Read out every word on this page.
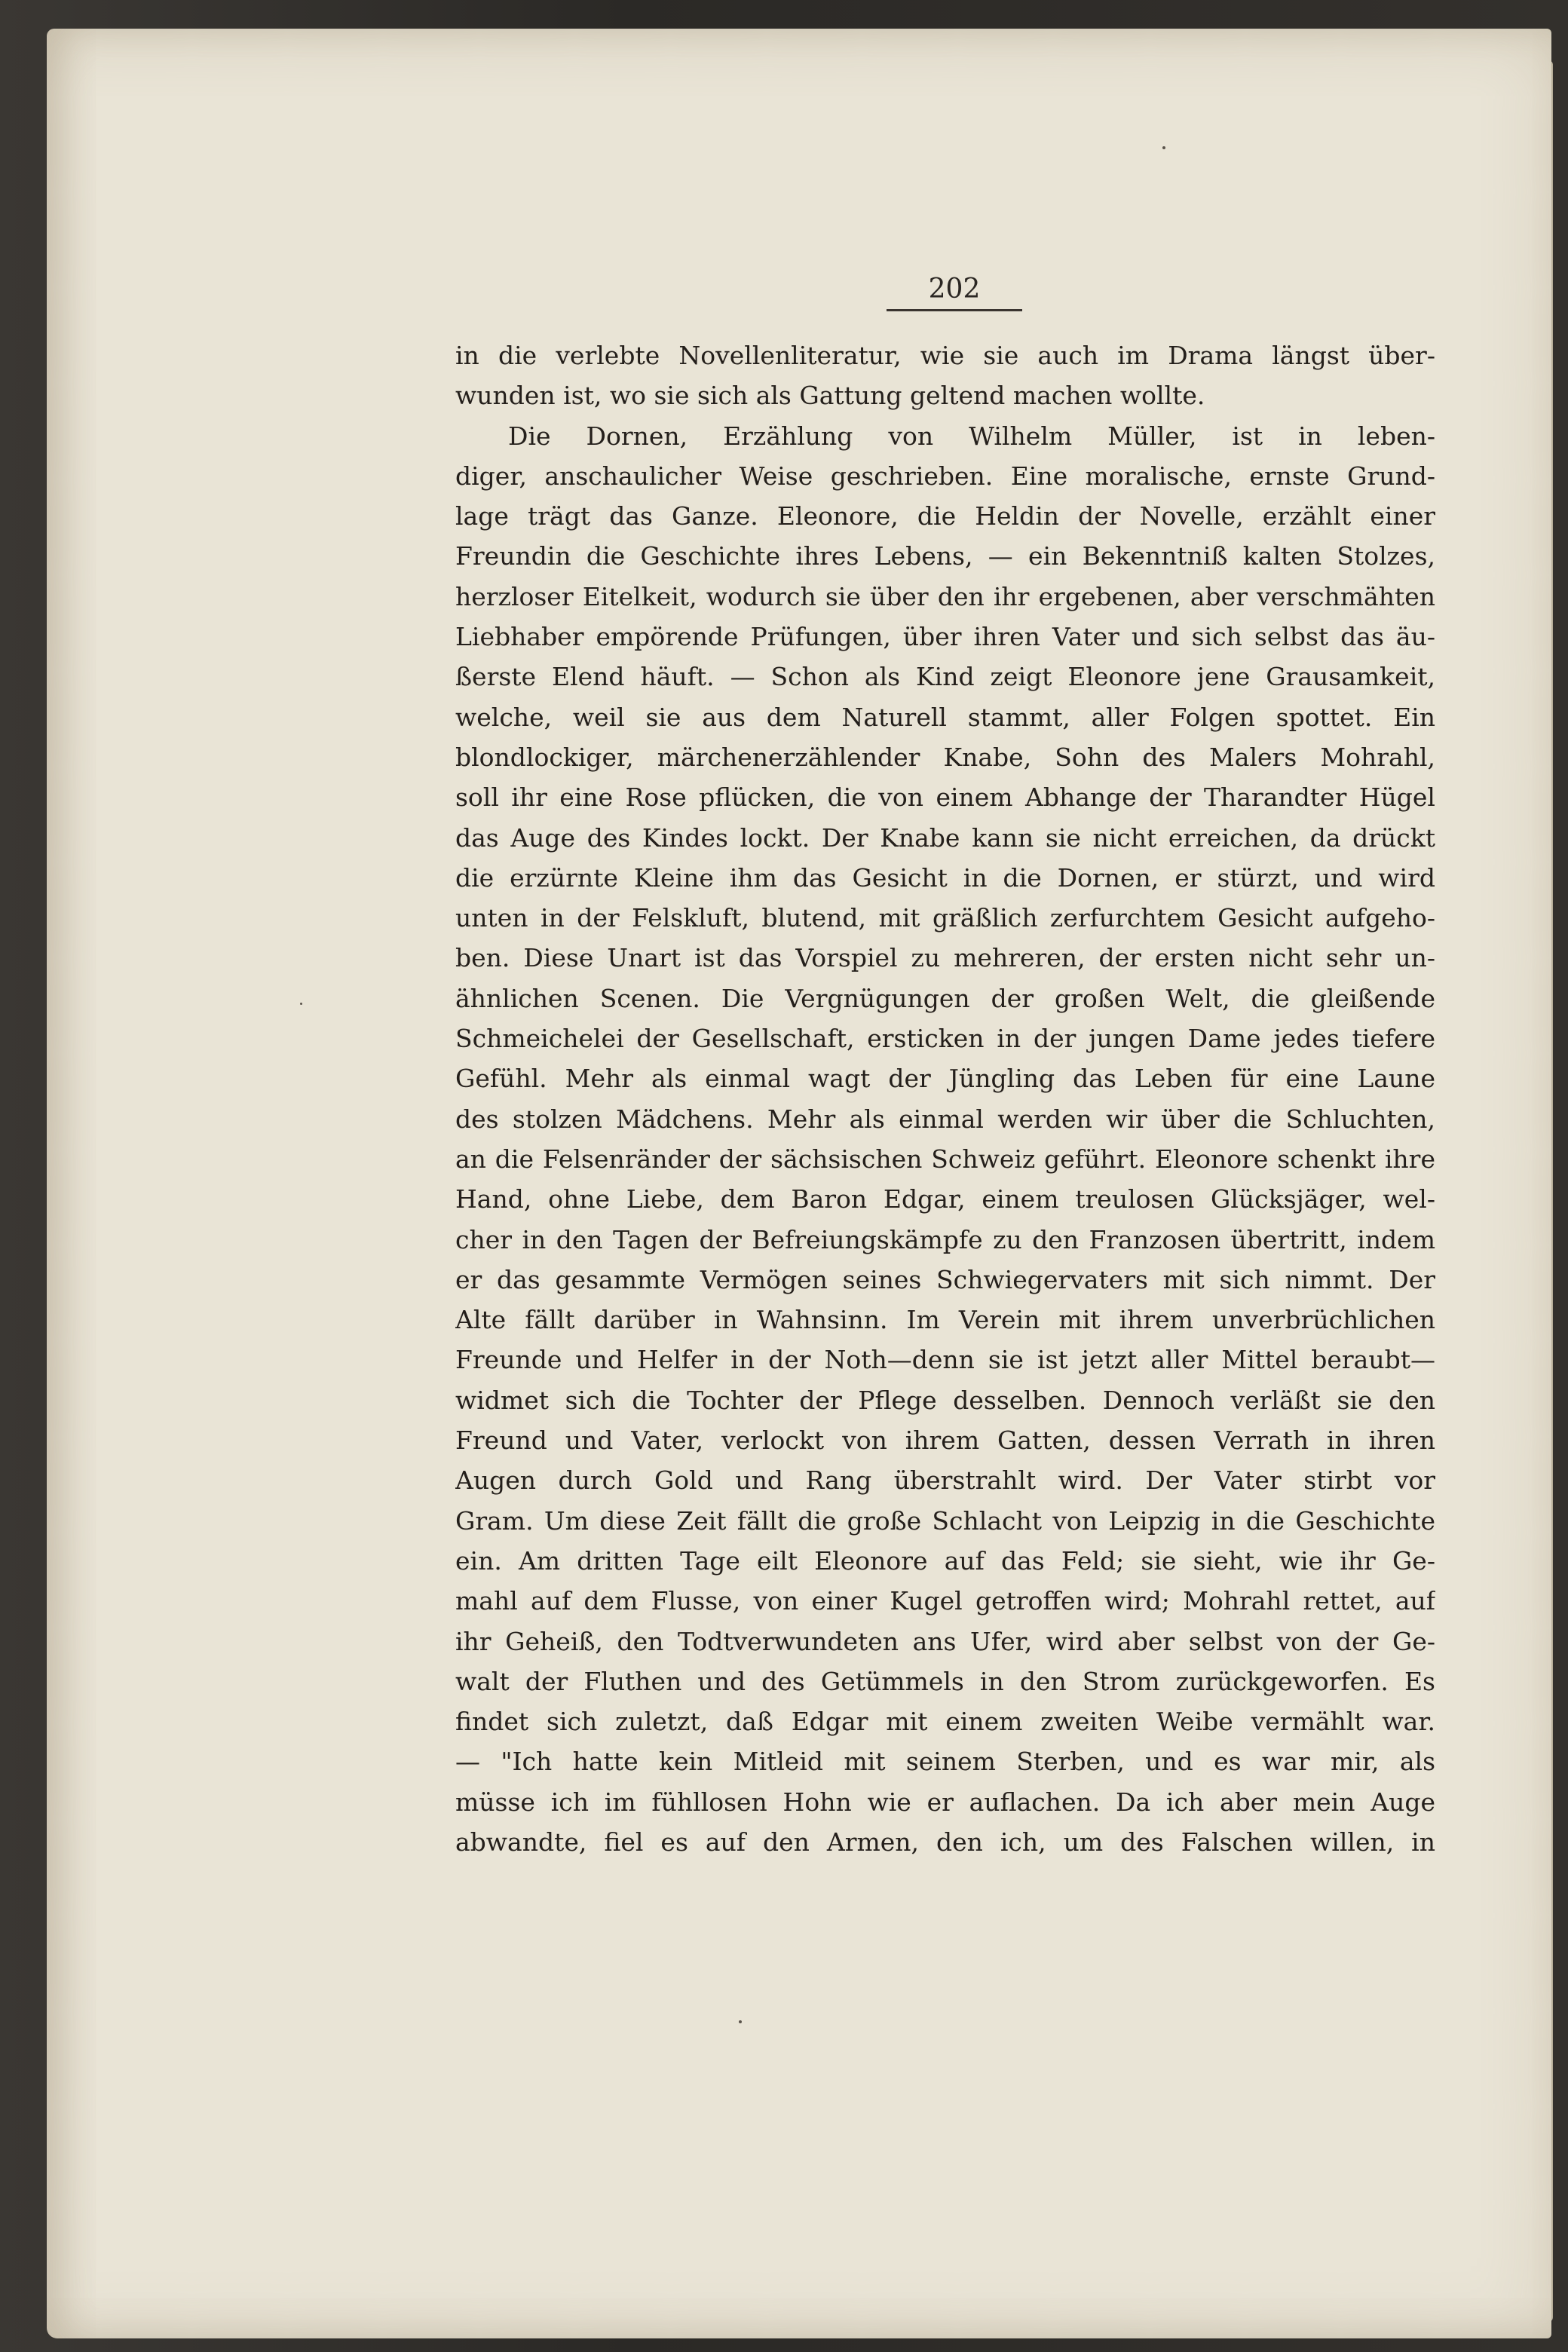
202
in die verlebte Novellenliteratur, wie sie auch im Drama längst über-
wunden ist, wo sie sich als Gattung geltend machen wollte.
Die Dornen, Erzählung von Wilhelm Müller, ist in leben-
diger, anschaulicher Weise geschrieben. Eine moralische, ernste Grund-
lage trägt das Ganze. Eleonore, die Heldin der Novelle, erzählt einer
Freundin die Geschichte ihres Lebens, — ein Bekenntniß kalten Stolzes,
herzloser Eitelkeit, wodurch sie über den ihr ergebenen, aber verschmähten
Liebhaber empörende Prüfungen, über ihren Vater und sich selbst das äu-
ßerste Elend häuft. — Schon als Kind zeigt Eleonore jene Grausamkeit,
welche, weil sie aus dem Naturell stammt, aller Folgen spottet. Ein
blondlockiger, märchenerzählender Knabe, Sohn des Malers Mohrahl,
soll ihr eine Rose pflücken, die von einem Abhange der Tharandter Hügel
das Auge des Kindes lockt. Der Knabe kann sie nicht erreichen, da drückt
die erzürnte Kleine ihm das Gesicht in die Dornen, er stürzt, und wird
unten in der Felskluft, blutend, mit gräßlich zerfurchtem Gesicht aufgeho-
ben. Diese Unart ist das Vorspiel zu mehreren, der ersten nicht sehr un-
ähnlichen Scenen. Die Vergnügungen der großen Welt, die gleißende
Schmeichelei der Gesellschaft, ersticken in der jungen Dame jedes tiefere
Gefühl. Mehr als einmal wagt der Jüngling das Leben für eine Laune
des stolzen Mädchens. Mehr als einmal werden wir über die Schluchten,
an die Felsenränder der sächsischen Schweiz geführt. Eleonore schenkt ihre
Hand, ohne Liebe, dem Baron Edgar, einem treulosen Glücksjäger, wel-
cher in den Tagen der Befreiungskämpfe zu den Franzosen übertritt, indem
er das gesammte Vermögen seines Schwiegervaters mit sich nimmt. Der
Alte fällt darüber in Wahnsinn. Im Verein mit ihrem unverbrüchlichen
Freunde und Helfer in der Noth—denn sie ist jetzt aller Mittel beraubt—
widmet sich die Tochter der Pflege desselben. Dennoch verläßt sie den
Freund und Vater, verlockt von ihrem Gatten, dessen Verrath in ihren
Augen durch Gold und Rang überstrahlt wird. Der Vater stirbt vor
Gram. Um diese Zeit fällt die große Schlacht von Leipzig in die Geschichte
ein. Am dritten Tage eilt Eleonore auf das Feld; sie sieht, wie ihr Ge-
mahl auf dem Flusse, von einer Kugel getroffen wird; Mohrahl rettet, auf
ihr Geheiß, den Todtverwundeten ans Ufer, wird aber selbst von der Ge-
walt der Fluthen und des Getümmels in den Strom zurückgeworfen. Es
findet sich zuletzt, daß Edgar mit einem zweiten Weibe vermählt war.
— "Ich hatte kein Mitleid mit seinem Sterben, und es war mir, als
müsse ich im fühllosen Hohn wie er auflachen. Da ich aber mein Auge
abwandte, fiel es auf den Armen, den ich, um des Falschen willen, in
